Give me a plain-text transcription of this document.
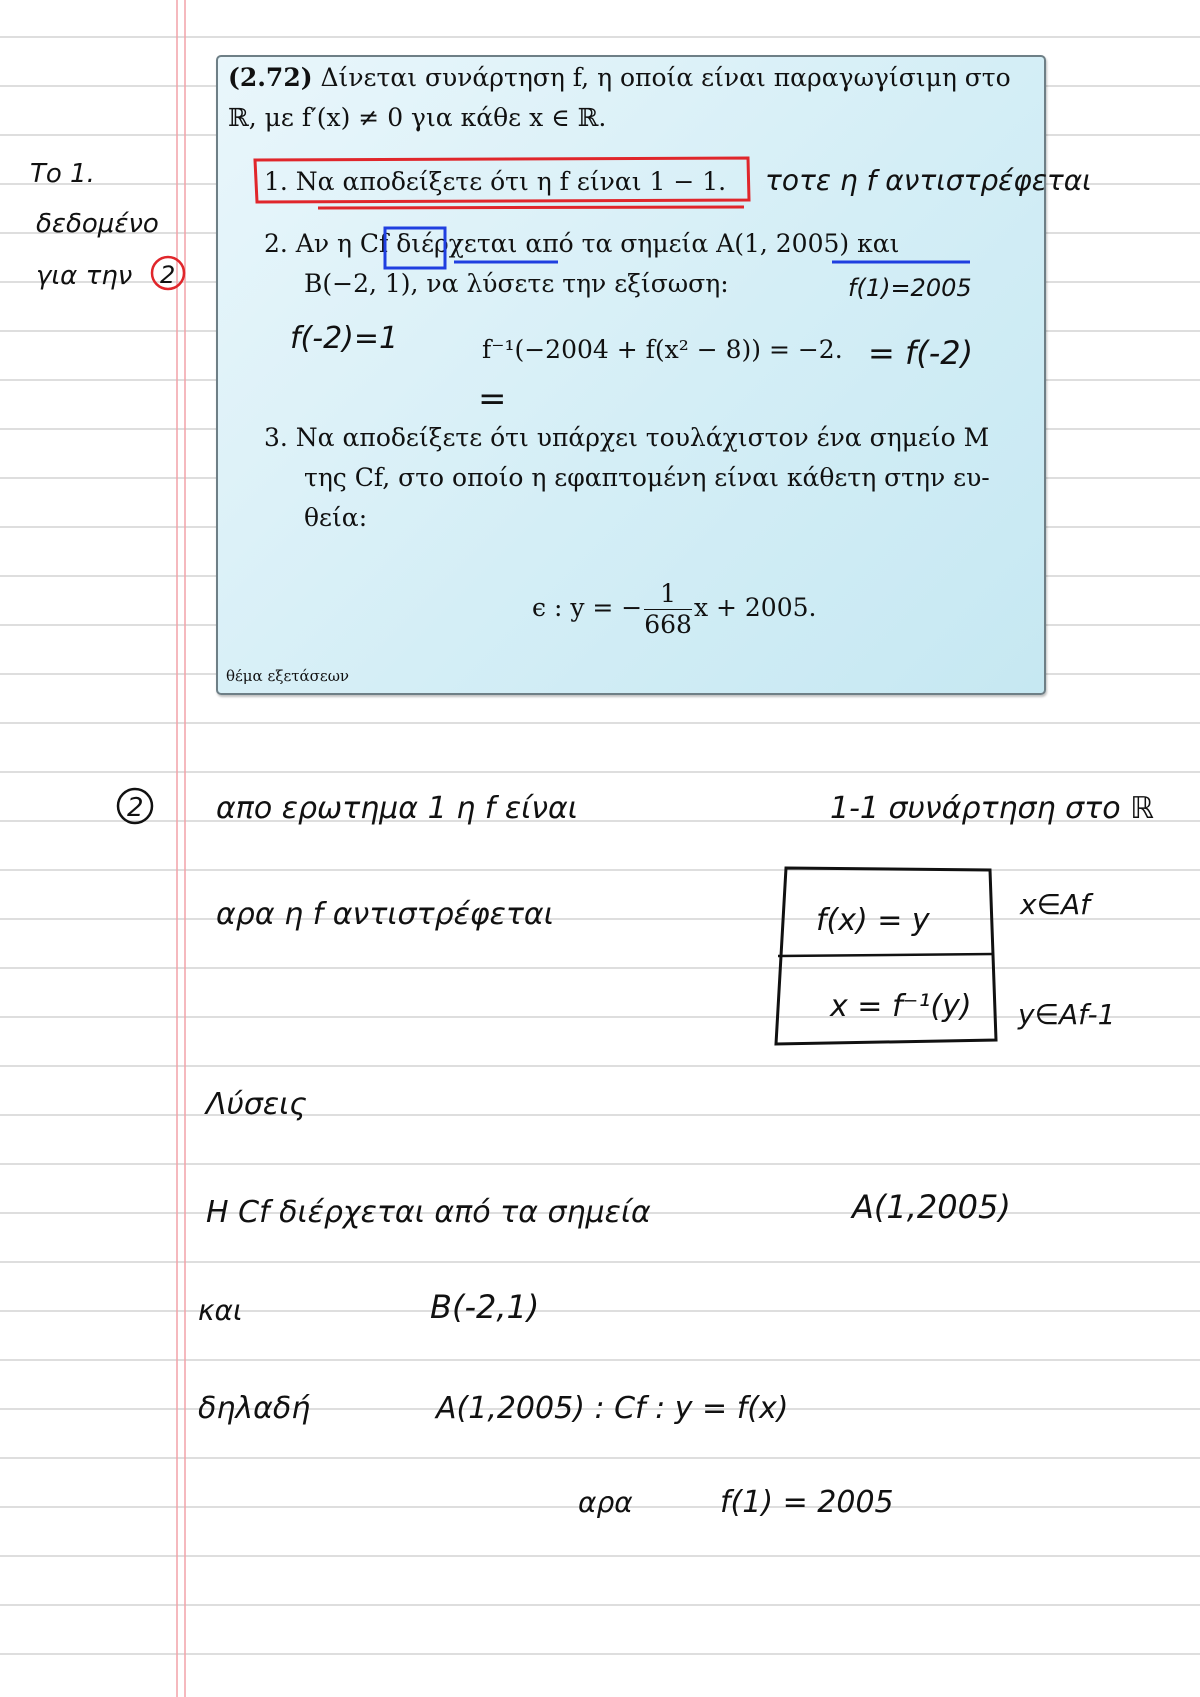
(2.72) Δίνεται συνάρτηση f, η οποία είναι παραγωγίσιμη στο
ℝ, με f′(x) ≠ 0 για κάθε x ∈ ℝ.
1. Να αποδείξετε ότι η f είναι 1 − 1.
2. Αν η Cf διέρχεται από τα σημεία A(1, 2005) και
B(−2, 1), να λύσετε την εξίσωση:
f⁻¹(−2004 + f(x² − 8)) = −2.
3. Να αποδείξετε ότι υπάρχει τουλάχιστον ένα σημείο M
της Cf, στο οποίο η εφαπτομένη είναι κάθετη στην ευ-
θεία:
ϵ : y = − $\frac{1}{668}$ x + 2005.
θέμα εξετάσεων
Το 1.
δεδομένο
για την 2
τοτε η f αντιστρέφεται
f(1)=2005
f(-2)=1	= f(-2)
=
2 απο ερωτημα 1 η f είναι	1-1 συνάρτηση στο ℝ
αρα η f αντιστρέφεται	f(x) = y
x = f⁻¹(y)
x∈Af
y∈Af-1
Λύσεις
Η Cf διέρχεται από τα σημεία	A(1,2005)
και	B(-2,1)
δηλαδή	A(1,2005) : Cf : y = f(x)
αρα	f(1) = 2005
